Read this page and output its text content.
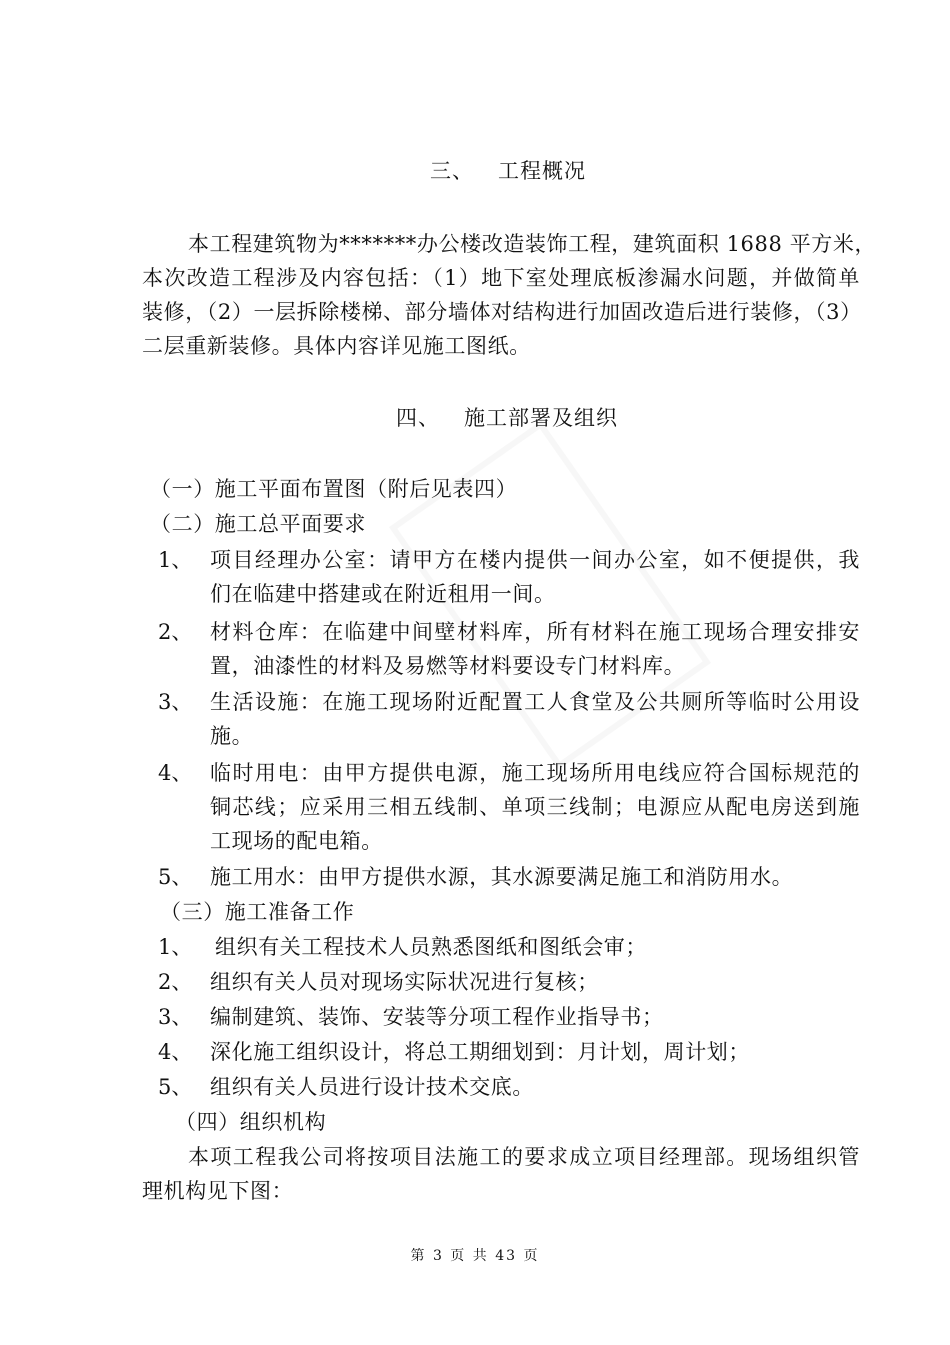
三、 工程概况
本工程建筑物为*******办公楼改造装饰工程，建筑面积 1688 平方米，
本次改造工程涉及内容包括：（1）地下室处理底板渗漏水问题，并做简单
装修，（2）一层拆除楼梯、部分墙体对结构进行加固改造后进行装修，（3）
二层重新装修。具体内容详见施工图纸。
四、 施工部署及组织
（一）施工平面布置图（附后见表四）
（二）施工总平面要求
1、 项目经理办公室：请甲方在楼内提供一间办公室，如不便提供，我
们在临建中搭建或在附近租用一间。
2、 材料仓库：在临建中间壁材料库，所有材料在施工现场合理安排安
置，油漆性的材料及易燃等材料要设专门材料库。
3、 生活设施：在施工现场附近配置工人食堂及公共厕所等临时公用设
施。
4、 临时用电：由甲方提供电源，施工现场所用电线应符合国标规范的
铜芯线；应采用三相五线制、单项三线制；电源应从配电房送到施
工现场的配电箱。
5、 施工用水：由甲方提供水源，其水源要满足施工和消防用水。
（三）施工准备工作
1、 组织有关工程技术人员熟悉图纸和图纸会审；
2、 组织有关人员对现场实际状况进行复核；
3、 编制建筑、装饰、安装等分项工程作业指导书；
4、 深化施工组织设计，将总工期细划到：月计划，周计划；
5、 组织有关人员进行设计技术交底。
（四）组织机构
本项工程我公司将按项目法施工的要求成立项目经理部。现场组织管
理机构见下图：
第 3 页 共 43 页
